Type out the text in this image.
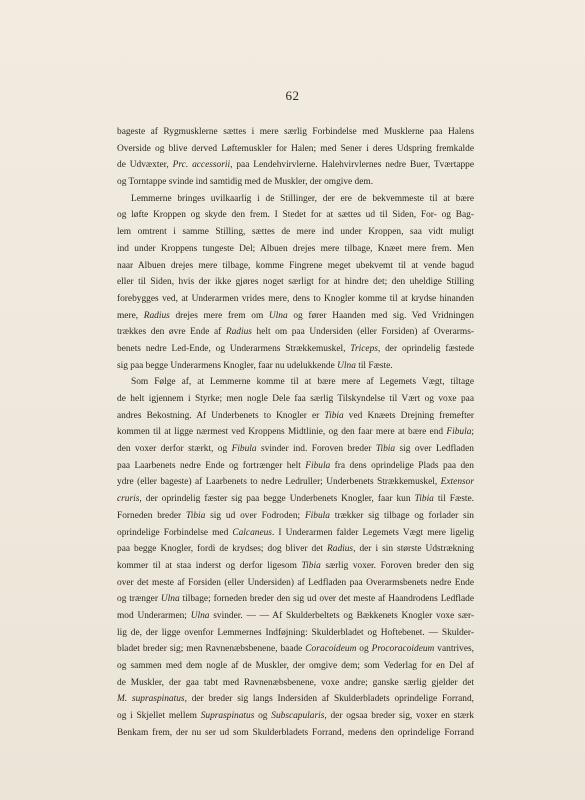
62
bageste af Rygmusklerne sættes i mere særlig Forbindelse med Musklerne paa Halens
Overside og blive derved Løftemuskler for Halen; med Sener i deres Udspring fremkalde
de Udvæxter, Prc. accessorii, paa Lendehvirvlerne. Halehvirvlernes nedre Buer, Tværtappe
og Torntappe svinde ind samtidig med de Muskler, der omgive dem.
Lemmerne bringes uvilkaarlig i de Stillinger, der ere de bekvemmeste til at bære
og løfte Kroppen og skyde den frem. I Stedet for at sættes ud til Siden, For- og Bag-
lem omtrent i samme Stilling, sættes de mere ind under Kroppen, saa vidt muligt
ind under Kroppens tungeste Del; Albuen drejes mere tilbage, Knæet mere frem. Men
naar Albuen drejes mere tilbage, komme Fingrene meget ubekvemt til at vende bagud
eller til Siden, hvis der ikke gjøres noget særligt for at hindre det; den uheldige Stilling
forebygges ved, at Underarmen vrides mere, dens to Knogler komme til at krydse hinanden
mere, Radius drejes mere frem om Ulna og fører Haanden med sig. Ved Vridningen
trækkes den øvre Ende af Radius helt om paa Undersiden (eller Forsiden) af Overarms-
benets nedre Led-Ende, og Underarmens Strækkemuskel, Triceps, der oprindelig fæstede
sig paa begge Underarmens Knogler, faar nu udelukkende Ulna til Fæste.
Som Følge af, at Lemmerne komme til at bære mere af Legemets Vægt, tiltage
de helt igjennem i Styrke; men nogle Dele faa særlig Tilskyndelse til Vært og voxe paa
andres Bekostning. Af Underbenets to Knogler er Tibia ved Knæets Drejning fremefter
kommen til at ligge nærmest ved Kroppens Midtlinie, og den faar mere at bære end Fibula;
den voxer derfor stærkt, og Fibula svinder ind. Foroven breder Tibia sig over Ledfladen
paa Laarbenets nedre Ende og fortrænger helt Fibula fra dens oprindelige Plads paa den
ydre (eller bageste) af Laarbenets to nedre Ledruller; Underbenets Strækkemuskel, Extensor
cruris, der oprindelig fæster sig paa begge Underbenets Knogler, faar kun Tibia til Fæste.
Forneden breder Tibia sig ud over Fodroden; Fibula trækker sig tilbage og forlader sin
oprindelige Forbindelse med Calcaneus. I Underarmen falder Legemets Vægt mere ligelig
paa begge Knogler, fordi de krydses; dog bliver det Radius, der i sin største Udstrækning
kommer til at staa inderst og derfor ligesom Tibia særlig voxer. Foroven breder den sig
over det meste af Forsiden (eller Undersiden) af Ledfladen paa Overarmsbenets nedre Ende
og trænger Ulna tilbage; forneden breder den sig ud over det meste af Haandrodens Ledflade
mod Underarmen; Ulna svinder. — — Af Skulderbeltets og Bækkenets Knogler voxe sær-
lig de, der ligge ovenfor Lemmernes Indføjning: Skulderbladet og Hoftebenet. — Skulder-
bladet breder sig; men Ravnenæbsbenene, baade Coracoideum og Procoracoideum vantrives,
og sammen med dem nogle af de Muskler, der omgive dem; som Vederlag for en Del af
de Muskler, der gaa tabt med Ravnenæbsbenene, voxe andre; ganske særlig gjelder det
M. supraspinatus, der breder sig langs Indersiden af Skulderbladets oprindelige Forrand,
og i Skjellet mellem Supraspinatus og Subscapularis, der ogsaa breder sig, voxer en stærk
Benkam frem, der nu ser ud som Skulderbladets Forrand, medens den oprindelige Forrand
